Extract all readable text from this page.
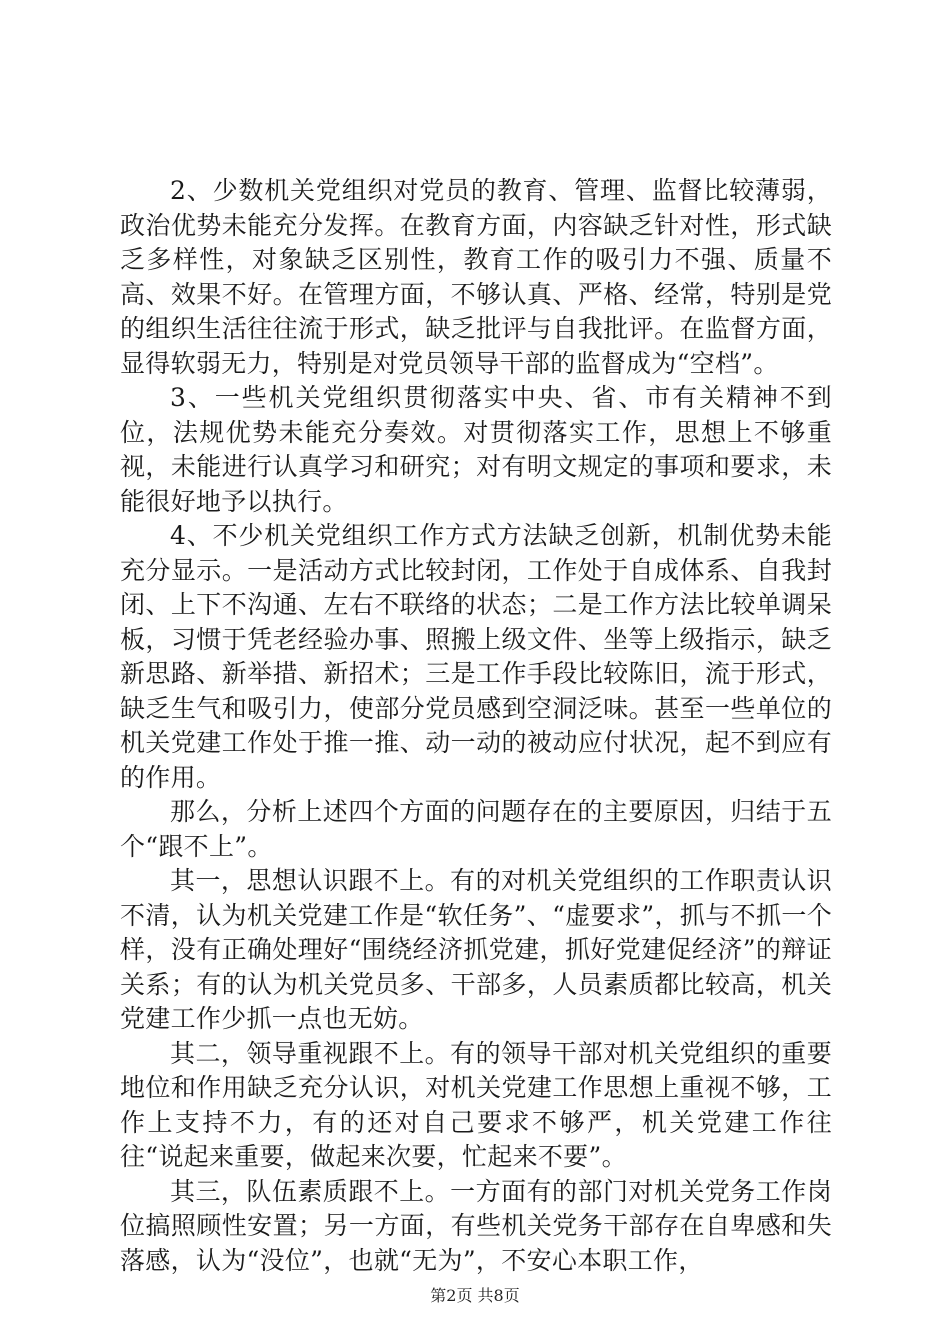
2、少数机关党组织对党员的教育、管理、监督比较薄弱，政治优势未能充分发挥。在教育方面，内容缺乏针对性，形式缺乏多样性，对象缺乏区别性，教育工作的吸引力不强、质量不高、效果不好。在管理方面，不够认真、严格、经常，特别是党的组织生活往往流于形式，缺乏批评与自我批评。在监督方面，显得软弱无力，特别是对党员领导干部的监督成为“空档”。

3、一些机关党组织贯彻落实中央、省、市有关精神不到位，法规优势未能充分奏效。对贯彻落实工作，思想上不够重视，未能进行认真学习和研究；对有明文规定的事项和要求，未能很好地予以执行。

4、不少机关党组织工作方式方法缺乏创新，机制优势未能充分显示。一是活动方式比较封闭，工作处于自成体系、自我封闭、上下不沟通、左右不联络的状态；二是工作方法比较单调呆板，习惯于凭老经验办事、照搬上级文件、坐等上级指示，缺乏新思路、新举措、新招术；三是工作手段比较陈旧，流于形式，缺乏生气和吸引力，使部分党员感到空洞泛味。甚至一些单位的机关党建工作处于推一推、动一动的被动应付状况，起不到应有的作用。

那么，分析上述四个方面的问题存在的主要原因，归结于五个“跟不上”。

其一，思想认识跟不上。有的对机关党组织的工作职责认识不清，认为机关党建工作是“软任务”、“虚要求”，抓与不抓一个样，没有正确处理好“围绕经济抓党建，抓好党建促经济”的辩证关系；有的认为机关党员多、干部多，人员素质都比较高，机关党建工作少抓一点也无妨。

其二，领导重视跟不上。有的领导干部对机关党组织的重要地位和作用缺乏充分认识，对机关党建工作思想上重视不够，工作上支持不力，有的还对自己要求不够严，机关党建工作往往“说起来重要，做起来次要，忙起来不要”。

其三，队伍素质跟不上。一方面有的部门对机关党务工作岗位搞照顾性安置；另一方面，有些机关党务干部存在自卑感和失落感，认为“没位”，也就“无为”，不安心本职工作，

第2页 共8页
